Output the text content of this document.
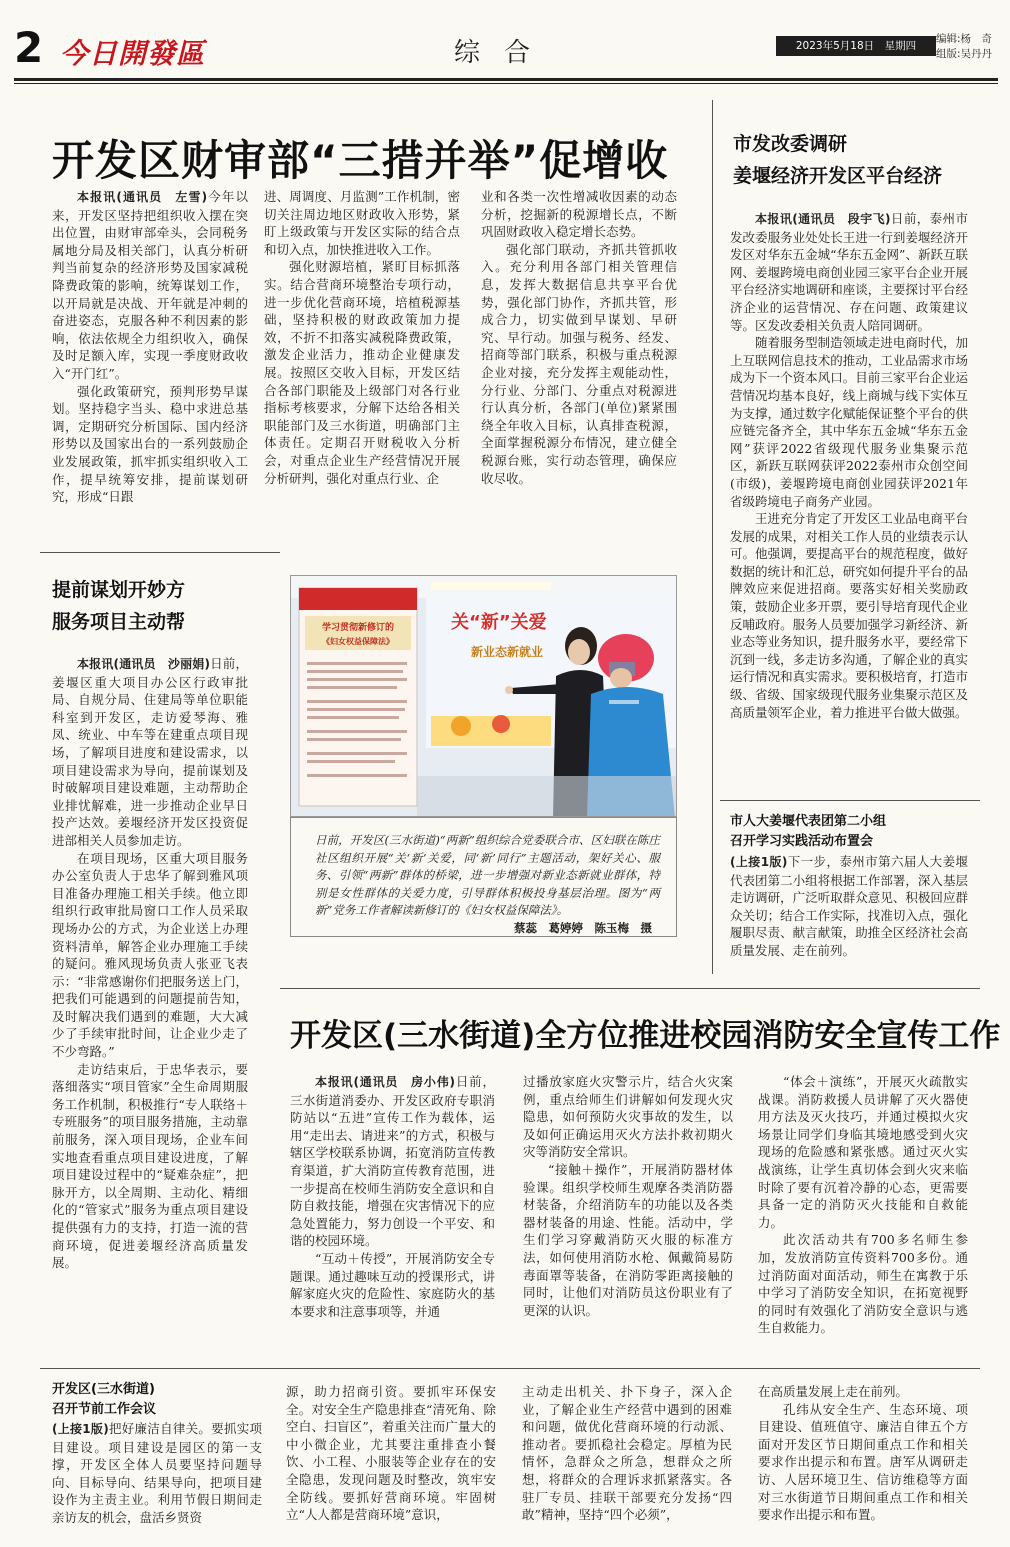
2 今日開發區	综合	2023年5月18日　星期四
编辑:杨　奇
组版:吴丹丹
开发区财审部“三措并举”促增收

本报讯(通讯员　左雪)今年以来，开发区坚持把组织收入摆在突出位置，由财审部牵头，会同税务属地分局及相关部门，认真分析研判当前复杂的经济形势及国家减税降费政策的影响，统筹谋划工作，以开局就是决战、开年就是冲刺的奋进姿态，克服各种不利因素的影响，依法依规全力组织收入，确保及时足额入库，实现一季度财政收入“开门红”。

强化政策研究，预判形势早谋划。坚持稳字当头、稳中求进总基调，定期研究分析国际、国内经济形势以及国家出台的一系列鼓励企业发展政策，抓牢抓实组织收入工作，提早统筹安排，提前谋划研究，形成“日跟

进、周调度、月监测”工作机制，密切关注周边地区财政收入形势，紧盯上级政策与开发区实际的结合点和切入点，加快推进收入工作。

强化财源培植，紧盯目标抓落实。结合营商环境整治专项行动，进一步优化营商环境，培植税源基础，坚持积极的财政政策加力提效，不折不扣落实减税降费政策，激发企业活力，推动企业健康发展。按照区交收入目标，开发区结合各部门职能及上级部门对各行业指标考核要求，分解下达给各相关职能部门及三水街道，明确部门主体责任。定期召开财税收入分析会，对重点企业生产经营情况开展分析研判，强化对重点行业、企

业和各类一次性增减收因素的动态分析，挖掘新的税源增长点，不断巩固财政收入稳定增长态势。

强化部门联动，齐抓共管抓收入。充分利用各部门相关管理信息，发挥大数据信息共享平台优势，强化部门协作，齐抓共管，形成合力，切实做到早谋划、早研究、早行动。加强与税务、经发、招商等部门联系，积极与重点税源企业对接，充分发挥主观能动性，分行业、分部门、分重点对税源进行认真分析，各部门(单位)紧紧围绕全年收入目标，认真排查税源，全面掌握税源分布情况，建立健全税源台账，实行动态管理，确保应收尽收。

市发改委调研
姜堰经济开发区平台经济

本报讯(通讯员　段宇飞)日前，泰州市发改委服务业处处长王进一行到姜堰经济开发区对华东五金城“华东五金网”、新跃互联网、姜堰跨境电商创业园三家平台企业开展平台经济实地调研和座谈，主要探讨平台经济企业的运营情况、存在问题、政策建议等。区发改委相关负责人陪同调研。

随着服务型制造领域走进电商时代，加上互联网信息技术的推动，工业品需求市场成为下一个资本风口。目前三家平台企业运营情况均基本良好，线上商城与线下实体互为支撑，通过数字化赋能保证整个平台的供应链完备齐全，其中华东五金城“华东五金网”获评2022省级现代服务业集聚示范区，新跃互联网获评2022泰州市众创空间(市级)，姜堰跨境电商创业园获评2021年省级跨境电子商务产业园。

王进充分肯定了开发区工业品电商平台发展的成果，对相关工作人员的业绩表示认可。他强调，要提高平台的规范程度，做好数据的统计和汇总，研究如何提升平台的品牌效应来促进招商。要落实好相关奖励政策，鼓励企业多开票，要引导培育现代企业反哺政府。服务人员要加强学习新经济、新业态等业务知识，提升服务水平，要经常下沉到一线，多走访多沟通，了解企业的真实运行情况和真实需求。要积极培育，打造市级、省级、国家级现代服务业集聚示范区及高质量领军企业，着力推进平台做大做强。

市人大姜堰代表团第二小组
召开学习实践活动布置会

(上接1版)下一步，泰州市第六届人大姜堰代表团第二小组将根据工作部署，深入基层走访调研，广泛听取群众意见、积极回应群众关切；结合工作实际，找准切入点，强化履职尽责、献言献策，助推全区经济社会高质量发展、走在前列。

提前谋划开妙方
服务项目主动帮

本报讯(通讯员　沙丽娟)日前，姜堰区重大项目办公区行政审批局、自规分局、住建局等单位职能科室到开发区，走访爱琴海、雅凤、统业、中车等在建重点项目现场，了解项目进度和建设需求，以项目建设需求为导向，提前谋划及时破解项目建设难题，主动帮助企业排忧解难，进一步推动企业早日投产达效。姜堰经济开发区投资促进部相关人员参加走访。

在项目现场，区重大项目服务办公室负责人于忠华了解到雅风项目准备办理施工相关手续。他立即组织行政审批局窗口工作人员采取现场办公的方式，为企业送上办理资料清单，解答企业办理施工手续的疑问。雅风现场负责人张亚飞表示：“非常感谢你们把服务送上门，把我们可能遇到的问题提前告知，及时解决我们遇到的难题，大大减少了手续审批时间，让企业少走了不少弯路。”

走访结束后，于忠华表示，要落细落实“项目管家”全生命周期服务工作机制，积极推行“专人联络＋专班服务”的项目服务措施，主动靠前服务，深入项目现场，企业车间实地查看重点项目建设进度，了解项目建设过程中的“疑难杂症”，把脉开方，以全周期、主动化、精细化的“管家式”服务为重点项目建设提供强有力的支持，打造一流的营商环境，促进姜堰经济高质量发展。

学习贯彻新修订的
《妇女权益保障法》
关“新”关爱
新业态新就业
日前，开发区(三水街道)“两新”组织综合党委联合市、区妇联在陈庄社区组织开展“关‘新’关爱，同‘新’同行”主题活动，架好关心、服务、引领“两新”群体的桥梁，进一步增强对新业态新就业群体，特别是女性群体的关爱力度，引导群体积极投身基层治理。图为“两新”党务工作者解读新修订的《妇女权益保障法》。
蔡蕊　葛婷婷　陈玉梅　摄
开发区(三水街道)全方位推进校园消防安全宣传工作

本报讯(通讯员　房小伟)日前，三水街道消委办、开发区政府专职消防站以“五进”宣传工作为载体，运用“走出去、请进来”的方式，积极与辖区学校联系协调，拓宽消防宣传教育渠道，扩大消防宣传教育范围，进一步提高在校师生消防安全意识和自防自救技能，增强在灾害情况下的应急处置能力，努力创设一个平安、和谐的校园环境。

“互动＋传授”，开展消防安全专题课。通过趣味互动的授课形式，讲解家庭火灾的危险性、家庭防火的基本要求和注意事项等，并通

过播放家庭火灾警示片，结合火灾案例，重点给师生们讲解如何发现火灾隐患，如何预防火灾事故的发生，以及如何正确运用灭火方法扑救初期火灾等消防安全常识。

“接触＋操作”，开展消防器材体验课。组织学校师生观摩各类消防器材装备，介绍消防车的功能以及各类器材装备的用途、性能。活动中，学生们学习穿戴消防灭火服的标准方法，如何使用消防水枪、佩戴简易防毒面罩等装备，在消防零距离接触的同时，让他们对消防员这份职业有了更深的认识。

“体会＋演练”，开展灭火疏散实战课。消防救援人员讲解了灭火器使用方法及灭火技巧，并通过模拟火灾场景让同学们身临其境地感受到火灾现场的危险感和紧张感。通过灭火实战演练，让学生真切体会到火灾来临时除了要有沉着冷静的心态，更需要具备一定的消防灭火技能和自救能力。

此次活动共有700多名师生参加，发放消防宣传资料700多份。通过消防面对面活动，师生在寓教于乐中学习了消防安全知识，在拓宽视野的同时有效强化了消防安全意识与逃生自救能力。

开发区(三水街道)
召开节前工作会议

(上接1版)把好廉洁自律关。要抓实项目建设。项目建设是园区的第一支撑，开发区全体人员要坚持问题导向、目标导向、结果导向，把项目建设作为主责主业。利用节假日期间走亲访友的机会，盘活乡贤资

源，助力招商引资。要抓牢环保安全。对安全生产隐患排查“清死角、除空白、扫盲区”，着重关注而广量大的中小微企业，尤其要注重排查小餐饮、小工程、小服装等企业存在的安全隐患，发现问题及时整改，筑牢安全防线。要抓好营商环境。牢固树立“人人都是营商环境”意识，

主动走出机关、扑下身子，深入企业，了解企业生产经营中遇到的困难和问题，做优化营商环境的行动派、推动者。要抓稳社会稳定。厚植为民情怀，急群众之所急，想群众之所想，将群众的合理诉求抓紧落实。各驻厂专员、挂联干部要充分发扬“四敢”精神，坚持“四个必须”，

在高质量发展上走在前列。

孔纬从安全生产、生态环境、项目建设、值班值守、廉洁自律五个方面对开发区节日期间重点工作和相关要求作出提示和布置。唐军从调研走访、人居环境卫生、信访维稳等方面对三水街道节日期间重点工作和相关要求作出提示和布置。
